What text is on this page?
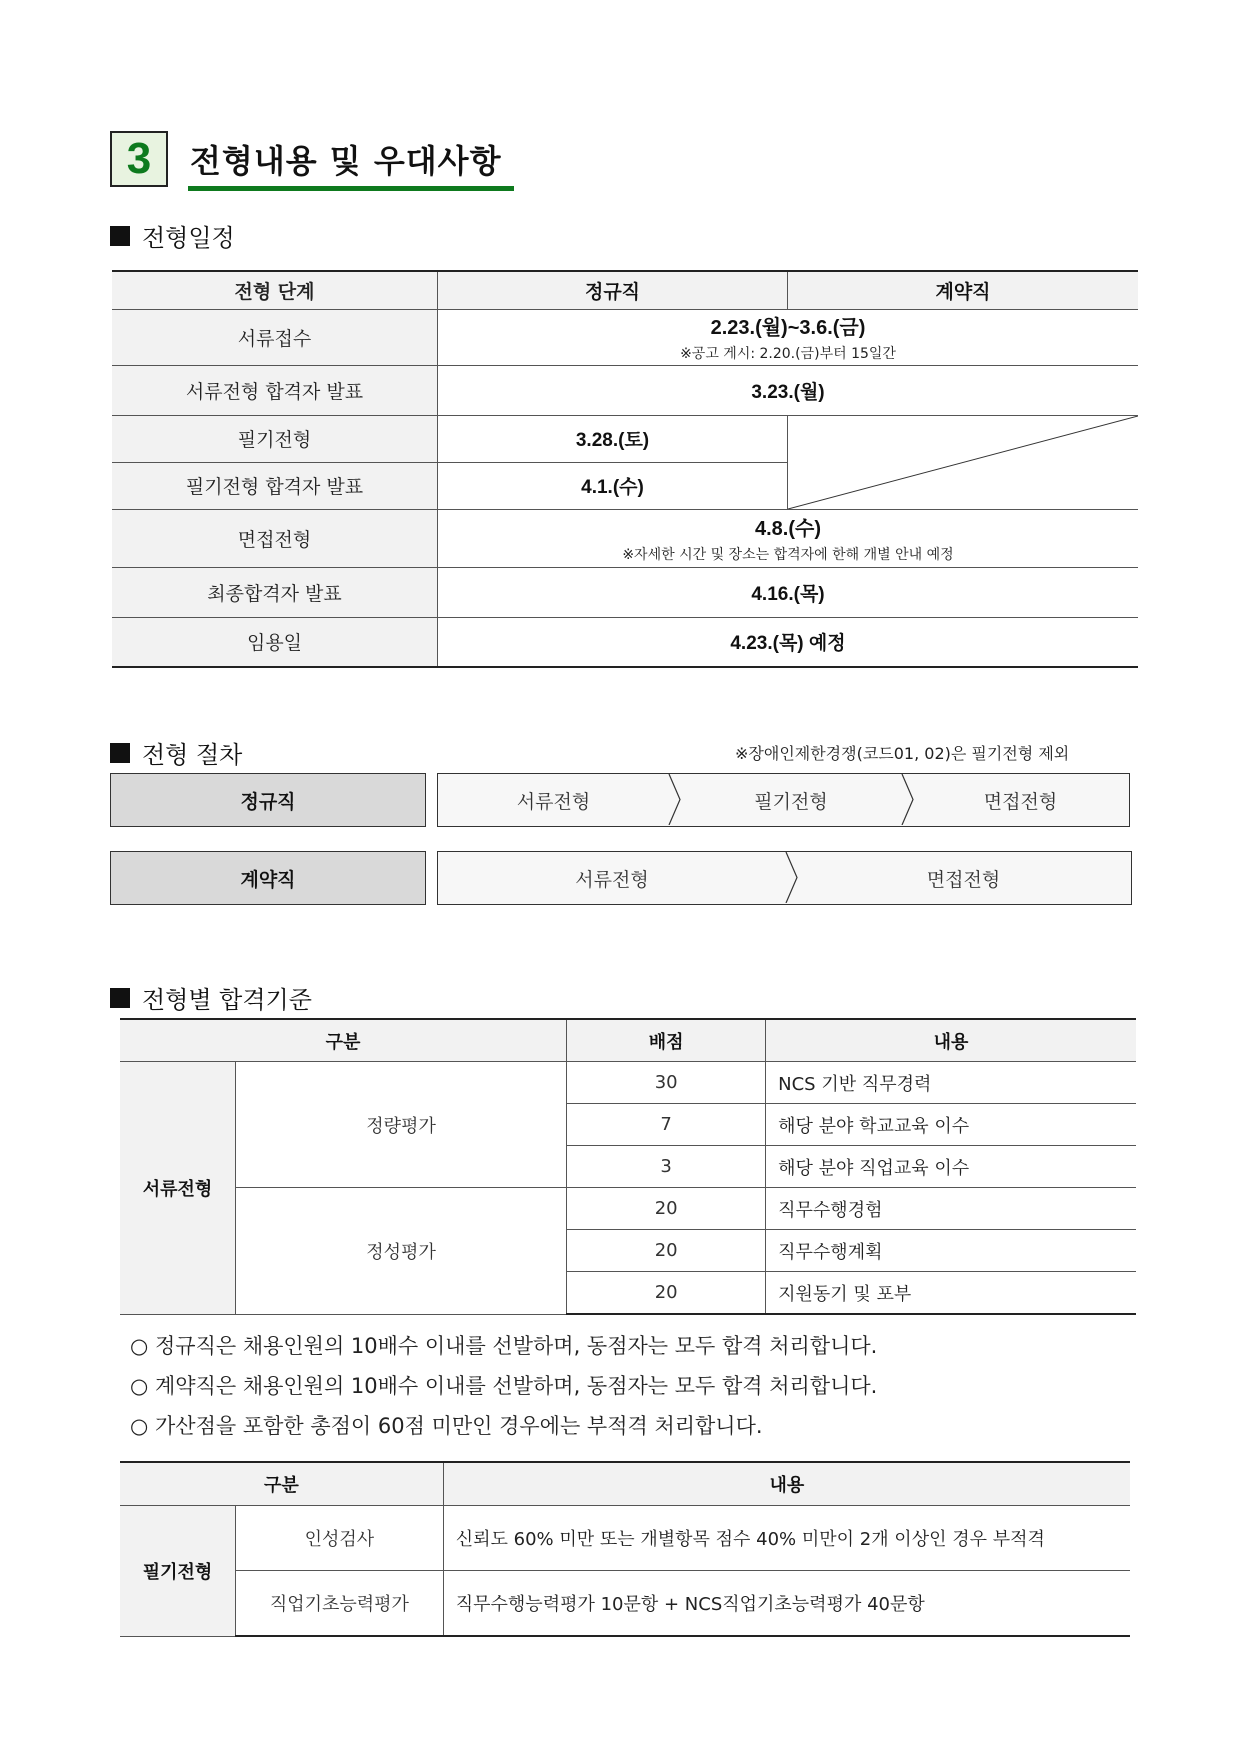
3	전형내용 및 우대사항
전형일정
전형 단계	정규직	계약직
서류접수	2.23.(월)~3.6.(금)
※공고 게시: 2.20.(금)부터 15일간	

서류전형 합격자 발표	3.23.(월)	
필기전형	3.28.(토)	

필기전형 합격자 발표	4.1.(수)	
면접전형	4.8.(수)
※자세한 시간 및 장소는 합격자에 한해 개별 안내 예정	

최종합격자 발표	4.16.(목)	
임용일	4.23.(목) 예정	
전형 절차	※장애인제한경쟁(코드01, 02)은 필기전형 제외
정규직	서류전형	필기전형	면접전형
계약직	서류전형	면접전형
전형별 합격기준
구분		배점	내용
서류전형	정량평가	30	NCS 기반 직무경력
		7	해당 분야 학교교육 이수
		3	해당 분야 직업교육 이수
	정성평가	20	직무수행경험
		20	직무수행계획
		20	지원동기 및 포부
○ 정규직은 채용인원의 10배수 이내를 선발하며, 동점자는 모두 합격 처리합니다.
○ 계약직은 채용인원의 10배수 이내를 선발하며, 동점자는 모두 합격 처리합니다.
○ 가산점을 포함한 총점이 60점 미만인 경우에는 부적격 처리합니다.
구분		내용
필기전형	인성검사	신뢰도 60% 미만 또는 개별항목 점수 40% 미만이 2개 이상인 경우 부적격
	직업기초능력평가	직무수행능력평가 10문항 + NCS직업기초능력평가 40문항
